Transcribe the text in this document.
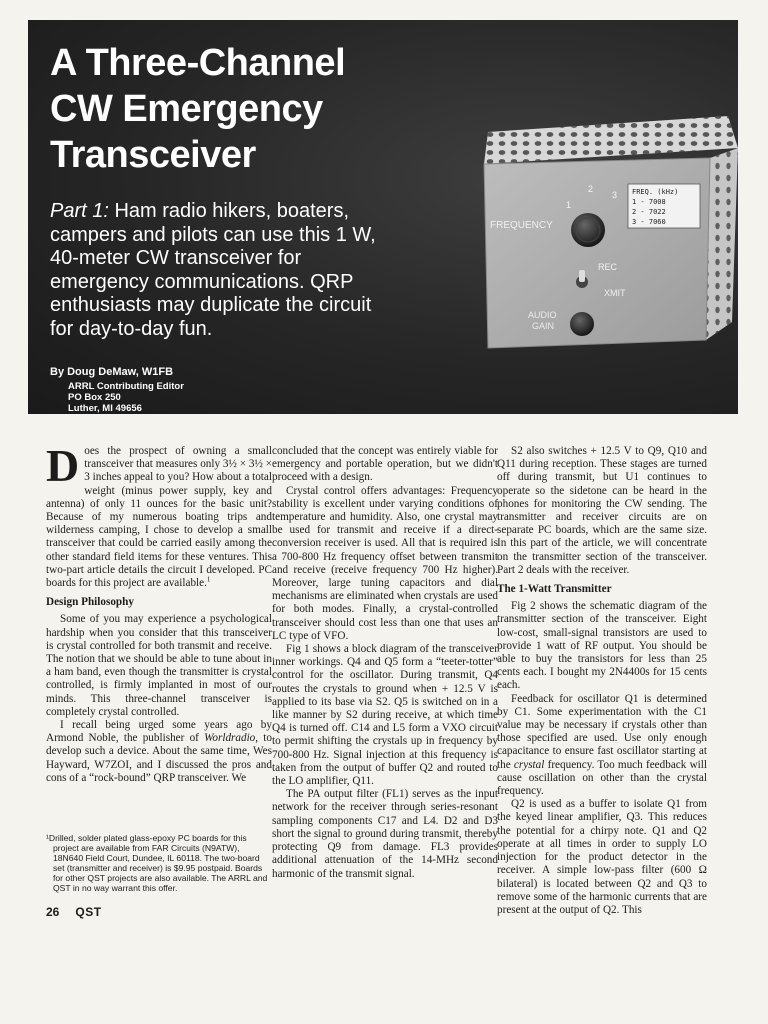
A Three-Channel
CW Emergency
Transceiver

Part 1: Ham radio hikers, boaters, campers and pilots can use this 1 W, 40-meter CW transceiver for emergency communications. QRP enthusiasts may duplicate the circuit for day-to-day fun.

By Doug DeMaw, W1FB
ARRL Contributing Editor
PO Box 250
Luther, MI 49656
FREQ. (kHz)
1 - 7008
2 - 7022
3 - 7060
1
2
3
FREQUENCY
REC
XMIT
AUDIO
GAIN

Does the prospect of owning a small transceiver that measures only 3½ × 3½ × 3 inches appeal to you? How about a total weight (minus power supply, key and antenna) of only 11 ounces for the basic unit? Because of my numerous boating trips and wilderness camping, I chose to develop a small transceiver that could be carried easily among the other standard field items for these ventures. This two-part article details the circuit I developed. PC boards for this project are available.$^1$

Design Philosophy

Some of you may experience a psychological hardship when you consider that this transceiver is crystal controlled for both transmit and receive. The notion that we should be able to tune about in a ham band, even though the transmitter is crystal controlled, is firmly implanted in most of our minds. This three-channel transceiver is completely crystal controlled.

I recall being urged some years ago by Armond Noble, the publisher of Worldradio, to develop such a device. About the same time, Wes Hayward, W7ZOI, and I discussed the pros and cons of a “rock-bound” QRP transceiver. We

¹Drilled, solder plated glass-epoxy PC boards for this project are available from FAR Circuits (N9ATW), 18N640 Field Court, Dundee, IL 60118. The two-board set (transmitter and receiver) is $9.95 postpaid. Boards for other QST projects are also available. The ARRL and QST in no way warrant this offer.
26 QST

concluded that the concept was entirely viable for emergency and portable operation, but we didn't proceed with a design.

Crystal control offers advantages: Frequency stability is excellent under varying conditions of temperature and humidity. Also, one crystal may be used for transmit and receive if a direct-conversion receiver is used. All that is required is a 700-800 Hz frequency offset between transmit and receive (receive frequency 700 Hz higher). Moreover, large tuning capacitors and dial mechanisms are eliminated when crystals are used for both modes. Finally, a crystal-controlled transceiver should cost less than one that uses an LC type of VFO.

Fig 1 shows a block diagram of the transceiver inner workings. Q4 and Q5 form a “teeter-totter” control for the oscillator. During transmit, Q4 routes the crystals to ground when + 12.5 V is applied to its base via S2. Q5 is switched on in a like manner by S2 during receive, at which time Q4 is turned off. C14 and L5 form a VXO circuit to permit shifting the crystals up in frequency by 700-800 Hz. Signal injection at this frequency is taken from the output of buffer Q2 and routed to the LO amplifier, Q11.

The PA output filter (FL1) serves as the input network for the receiver through series-resonant sampling components C17 and L4. D2 and D3 short the signal to ground during transmit, thereby protecting Q9 from damage. FL3 provides additional attenuation of the 14-MHz second harmonic of the transmit signal.

S2 also switches + 12.5 V to Q9, Q10 and Q11 during reception. These stages are turned off during transmit, but U1 continues to operate so the sidetone can be heard in the phones for monitoring the CW sending. The transmitter and receiver circuits are on separate PC boards, which are the same size. In this part of the article, we will concentrate on the transmitter section of the transceiver. Part 2 deals with the receiver.

The 1-Watt Transmitter

Fig 2 shows the schematic diagram of the transmitter section of the transceiver. Eight low-cost, small-signal transistors are used to provide 1 watt of RF output. You should be able to buy the transistors for less than 25 cents each. I bought my 2N4400s for 15 cents each.

Feedback for oscillator Q1 is determined by C1. Some experimentation with the C1 value may be necessary if crystals other than those specified are used. Use only enough capacitance to ensure fast oscillator starting at the crystal frequency. Too much feedback will cause oscillation on other than the crystal frequency.

Q2 is used as a buffer to isolate Q1 from the keyed linear amplifier, Q3. This reduces the potential for a chirpy note. Q1 and Q2 operate at all times in order to supply LO injection for the product detector in the receiver. A simple low-pass filter (600 Ω bilateral) is located between Q2 and Q3 to remove some of the harmonic currents that are present at the output of Q2. This
